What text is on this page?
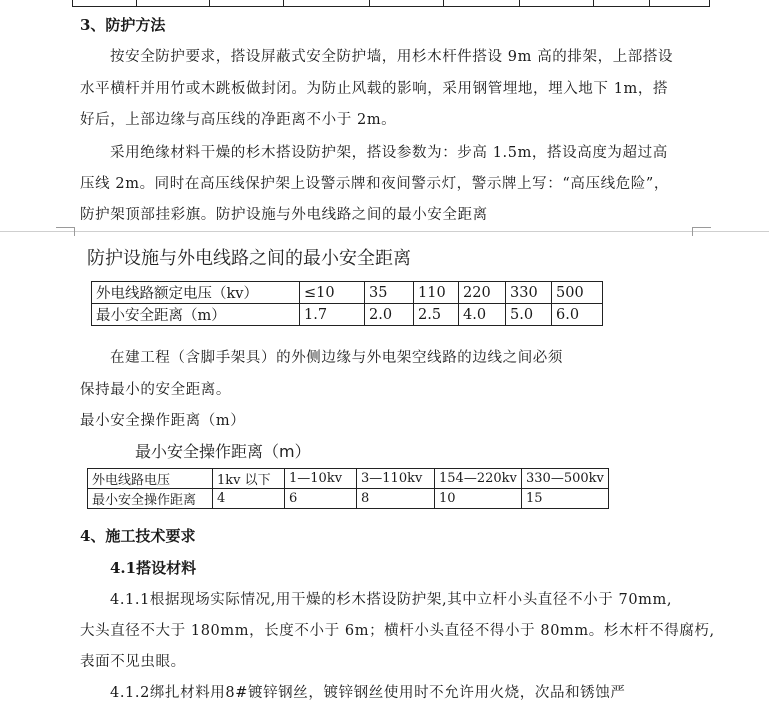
3、防护方法
按安全防护要求，搭设屏蔽式安全防护墙，用杉木杆件搭设 9m 高的排架，上部搭设
水平横杆并用竹或木跳板做封闭。为防止风载的影响，采用钢管埋地，埋入地下 1m，搭
好后，上部边缘与高压线的净距离不小于 2m。
采用绝缘材料干燥的杉木搭设防护架，搭设参数为：步高 1.5m，搭设高度为超过高
压线 2m。同时在高压线保护架上设警示牌和夜间警示灯，警示牌上写：“高压线危险”，
防护架顶部挂彩旗。防护设施与外电线路之间的最小安全距离
防护设施与外电线路之间的最小安全距离
外电线路额定电压（kv）	≤10	35	110	220	330	500
最小安全距离（m）	1.7	2.0	2.5	4.0	5.0	6.0
在建工程（含脚手架具）的外侧边缘与外电架空线路的边线之间必须
保持最小的安全距离。
最小安全操作距离（m）
最小安全操作距离（m）
外电线路电压	1kv 以下	1—10kv	3—110kv	154—220kv	330—500kv
最小安全操作距离	4	6	8	10	15
4、施工技术要求
4.1搭设材料
4.1.1根据现场实际情况,用干燥的杉木搭设防护架,其中立杆小头直径不小于 70mm,
大头直径不大于 180mm，长度不小于 6m；横杆小头直径不得小于 80mm。杉木杆不得腐朽,
表面不见虫眼。
4.1.2绑扎材料用8#镀锌钢丝，镀锌钢丝使用时不允许用火烧，次品和锈蚀严
